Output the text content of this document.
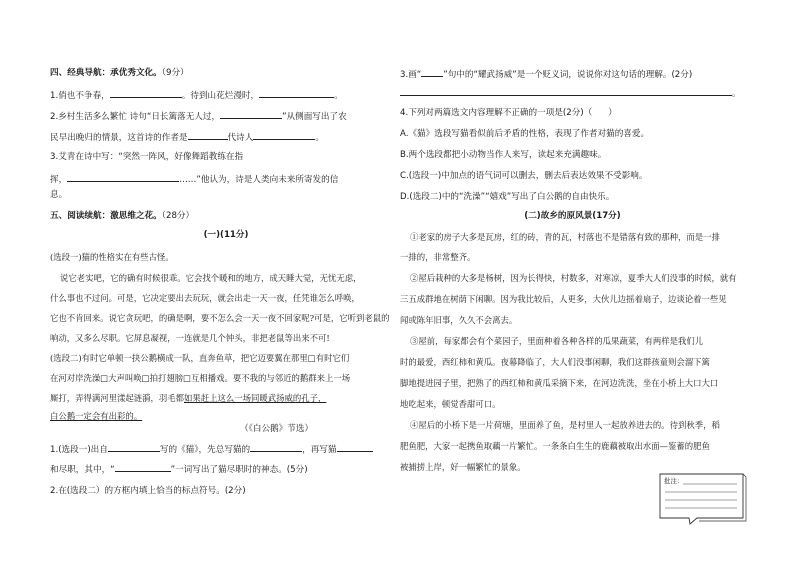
四、经典导航：承优秀文化。（9分）
1.俏也不争春，	。待到山花烂漫时，	。
2.乡村生活多么繁忙 诗句“日长篱落无人过，	”从侧面写出了农
民早出晚归的情景，这首诗的作者是	代诗人	。
3.艾青在诗中写：“突然一阵风，好像舞蹈教练在指
挥，	……”他认为，诗是人类向未来所寄发的信
息。
五、阅读续航：激思维之花。（28分）
(一)(11分)
(选段一)猫的性格实在有些古怪。
说它老实吧，它的确有时候很乖。它会找个暖和的地方，成天睡大觉，无忧无虑，
什么事也不过问。可是，它决定要出去玩玩，就会出走一天一夜，任凭谁怎么呼唤，
它也不肯回来。说它贪玩吧，的确是啊，要不怎么会一天一夜不回家呢?可是，它听到老鼠的
响动，又多么尽职。它屏息凝视，一连就是几个钟头，非把老鼠等出来不可!
(选段二)有时它单顿一抉公鹅横成一队，直奔鱼草，把它迈要翼在那里□有时它们
在河对岸洗澡□大声叫唤□拍打翅膀□互相播戏。要不我的与邻近的鹅群来上一场
厮打，弄得满河里漾起涟漪，羽毛都如果赶上这么一场同暖武扬威的孔子，
白公鹅一定会有出彩的。
（《白公鹅》节选）
1.(选段一)出自	写的《猫》，先总写猫的	，再写猫
和尽职，其中，“	”一词写出了猫尽职时的神态。(5分)
2.在(选段二）的方框内填上恰当的标点符号。(2分)
3.画“	”句中的“耀武扬威”是一个贬义词，说说你对这句话的理解。(2分)
。
4.下列对两篇选文内容理解不正确的一项是(2分)（ ）
A.《猫》选段写猫看似前后矛盾的性格，表现了作者对猫的喜爱。
B.两个选段都把小动物当作人来写，读起来充满趣味。
C.(选段一)中加点的语气词可以删去，删去后表达效果不受影响。
D.(选段二)中的“洗澡”“嬉戏”写出了白公鹅的自由快乐。
(二)故乡的原风景(17分)
①老家的房子大多是瓦房，红的砖，青的瓦，村落也不是错落有致的那种，而是一排
一排的，非常整齐。
②屋后栽种的大多是杨树，因为长得快，村数多，对寒凉，夏季大人们没事的时候，就有
三五成群地在树荫下闲聊。因为我比较后，人更多，大伙儿边摇着扇子，边谈论着一些见
闻或陈年旧事，久久不会离去。
③屋前，每家都会有个菜园子，里面种着各种各样的瓜果蔬菜，有两样是我们儿
时的最爱，西红柿和黄瓜。夜幕降临了，大人们没事闲聊，我们这群孩童则会溜下篱
脚地提进园子里，把熟了的西红柿和黄瓜采摘下来，在河边洗洗，坐在小桥上大口大口
地吃起来，顿觉香甜可口。
④屋后的小桥下是一片荷塘，里面养了鱼，是村里人一起放养进去的。待到秋季，稻
肥鱼肥，大家一起携鱼取藕一片繁忙。一条条白生生的鹿藕被取出水面—鉴蓄的肥鱼
被捕捞上岸，好一幅繁忙的景象。
批注：
